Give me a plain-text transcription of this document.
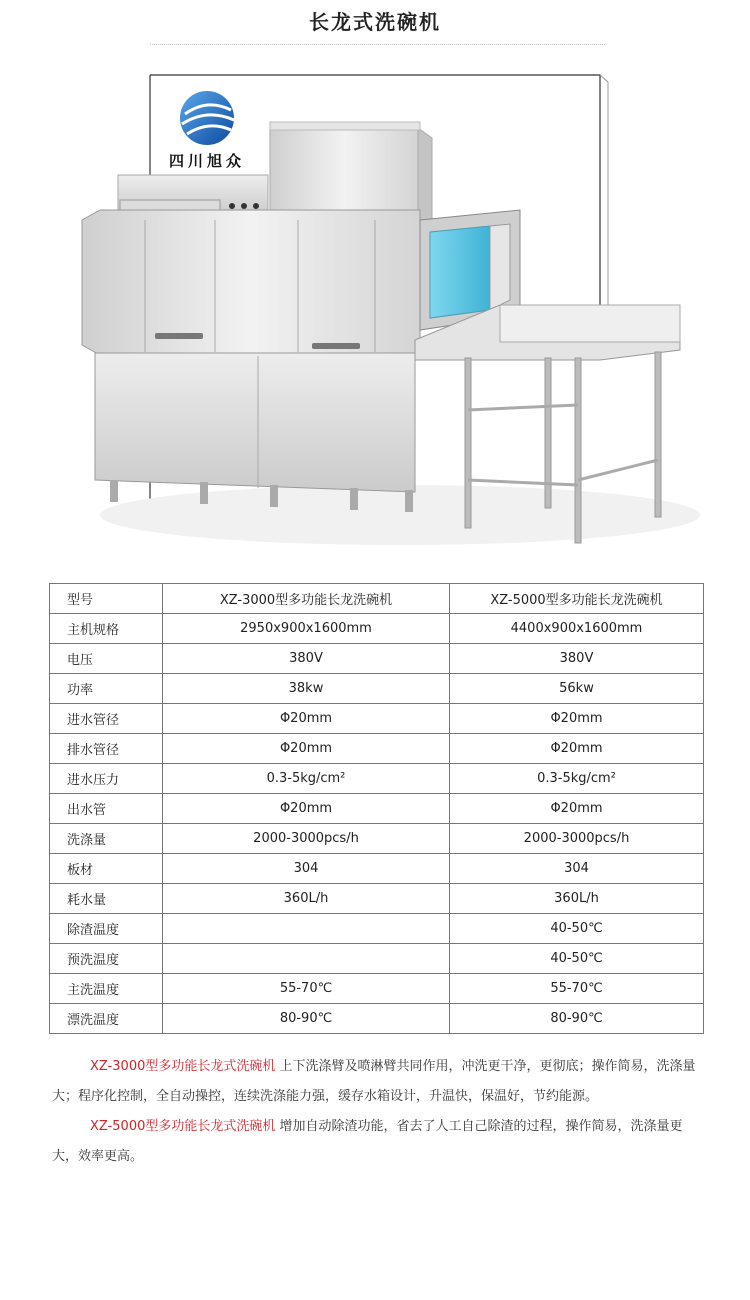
长龙式洗碗机
四川旭众
型号	XZ-3000型多功能长龙洗碗机	XZ-5000型多功能长龙洗碗机
主机规格	2950x900x1600mm	4400x900x1600mm
电压	380V	380V
功率	38kw	56kw
进水管径	Φ20mm	Φ20mm
排水管径	Φ20mm	Φ20mm
进水压力	0.3-5kg/cm²	0.3-5kg/cm²
出水管	Φ20mm	Φ20mm
洗涤量	2000-3000pcs/h	2000-3000pcs/h
板材	304	304
耗水量	360L/h	360L/h
除渣温度		40-50℃
预洗温度		40-50℃
主洗温度	55-70℃	55-70℃
漂洗温度	80-90℃	80-90℃

XZ-3000型多功能长龙式洗碗机 上下洗涤臂及喷淋臂共同作用，冲洗更干净，更彻底；操作简易，洗涤量大；程序化控制，全自动操控，连续洗涤能力强，缓存水箱设计，升温快，保温好，节约能源。

XZ-5000型多功能长龙式洗碗机 增加自动除渣功能，省去了人工自己除渣的过程，操作简易，洗涤量更大，效率更高。
